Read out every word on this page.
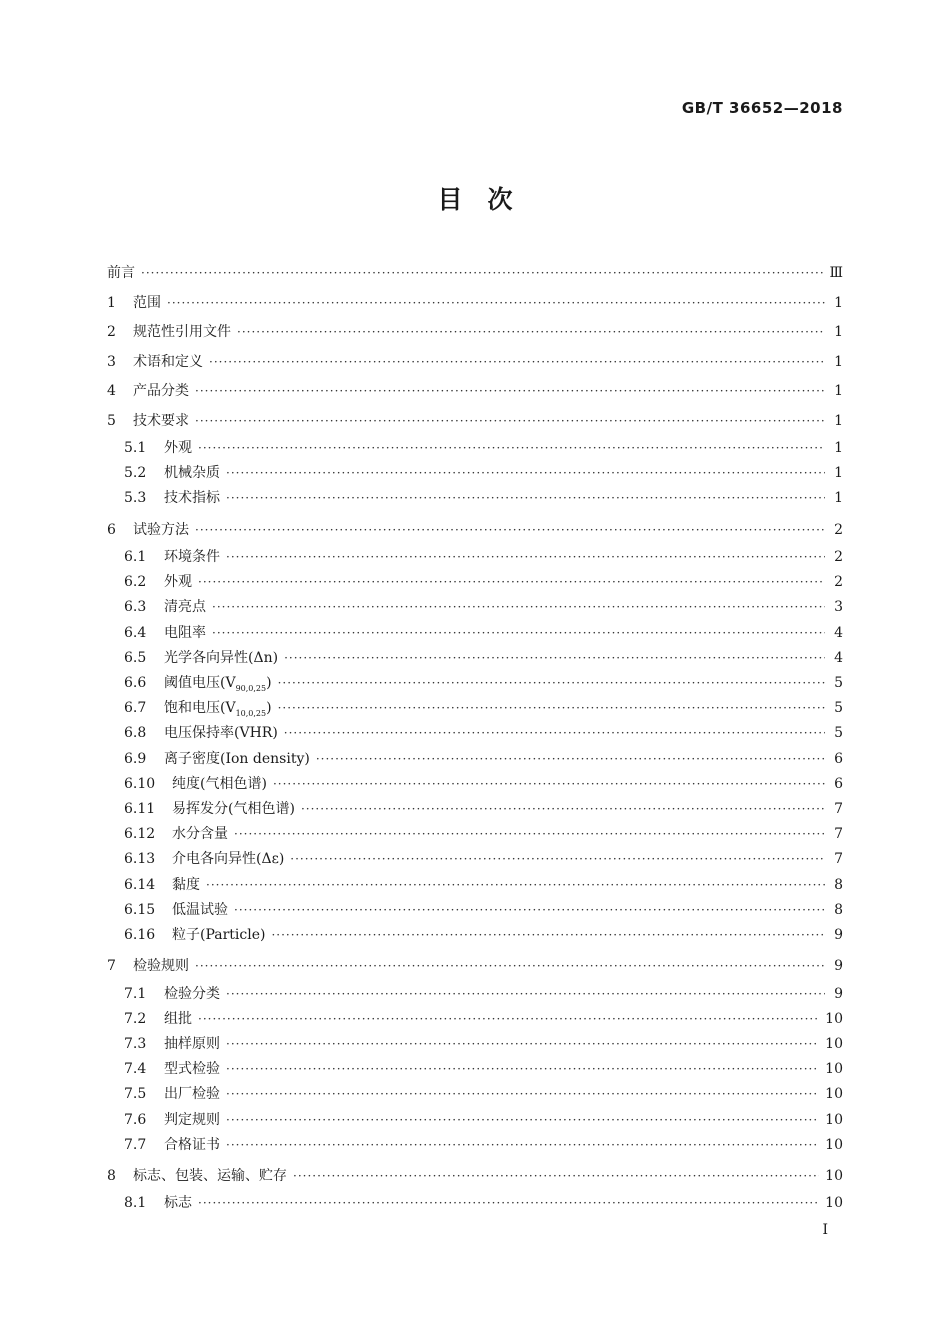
GB/T 36652—2018
目　次
前言 ·····	Ⅲ
1	范围 ·····	1
2	规范性引用文件 ·····	1
3	术语和定义 ·····	1
4	产品分类 ·····	1
5	技术要求 ·····	1
5.1	外观 ·····	1
5.2	机械杂质 ·····	1
5.3	技术指标 ·····	1
6	试验方法 ·····	2
6.1	环境条件 ·····	2
6.2	外观 ·····	2
6.3	清亮点 ·····	3
6.4	电阻率 ·····	4
6.5	光学各向异性(Δn) ·····	4
6.6	阈值电压$(V_{90,0,25})$ ·····	5
6.7	饱和电压$(V_{10,0,25})$ ·····	5
6.8	电压保持率(VHR) ·····	5
6.9	离子密度(Ion density) ·····	6
6.10	纯度(气相色谱) ·····	6
6.11	易挥发分(气相色谱) ·····	7
6.12	水分含量 ·····	7
6.13	介电各向异性(Δε) ·····	7
6.14	黏度 ·····	8
6.15	低温试验 ·····	8
6.16	粒子(Particle) ·····	9
7	检验规则 ·····	9
7.1	检验分类 ·····	9
7.2	组批 ·····	10
7.3	抽样原则 ·····	10
7.4	型式检验 ·····	10
7.5	出厂检验 ·····	10
7.6	判定规则 ·····	10
7.7	合格证书 ·····	10
8	标志、包装、运输、贮存 ·····	10
8.1	标志 ·····	10
I
